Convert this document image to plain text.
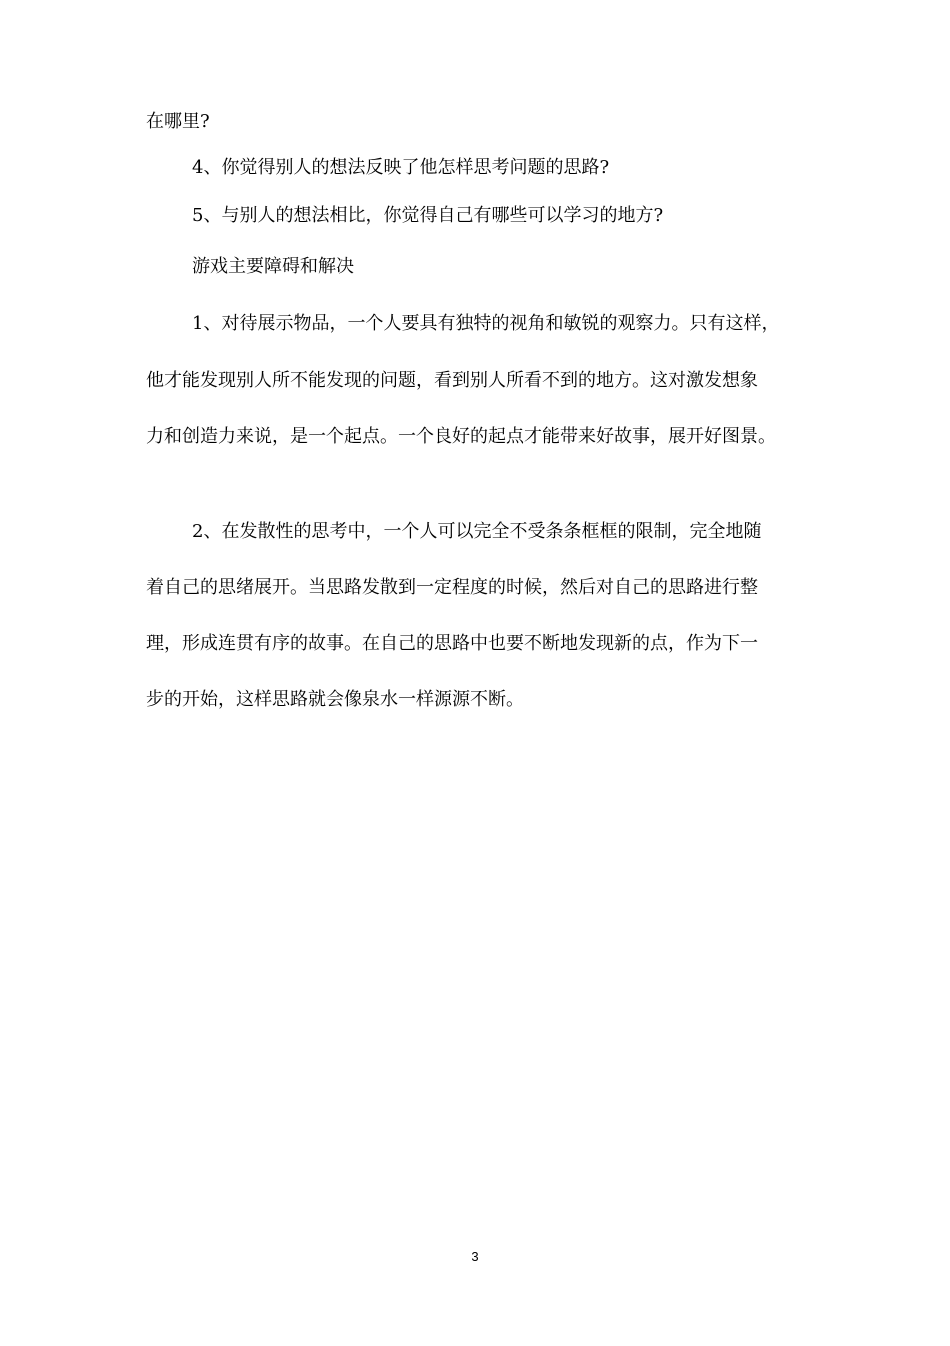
在哪里?

4、你觉得别人的想法反映了他怎样思考问题的思路?

5、与别人的想法相比，你觉得自己有哪些可以学习的地方?

游戏主要障碍和解决

1、对待展示物品，一个人要具有独特的视角和敏锐的观察力。只有这样，

他才能发现别人所不能发现的问题，看到别人所看不到的地方。这对激发想象

力和创造力来说，是一个起点。一个良好的起点才能带来好故事，展开好图景。

2、在发散性的思考中，一个人可以完全不受条条框框的限制，完全地随

着自己的思绪展开。当思路发散到一定程度的时候，然后对自己的思路进行整

理，形成连贯有序的故事。在自己的思路中也要不断地发现新的点，作为下一

步的开始，这样思路就会像泉水一样源源不断。

3
